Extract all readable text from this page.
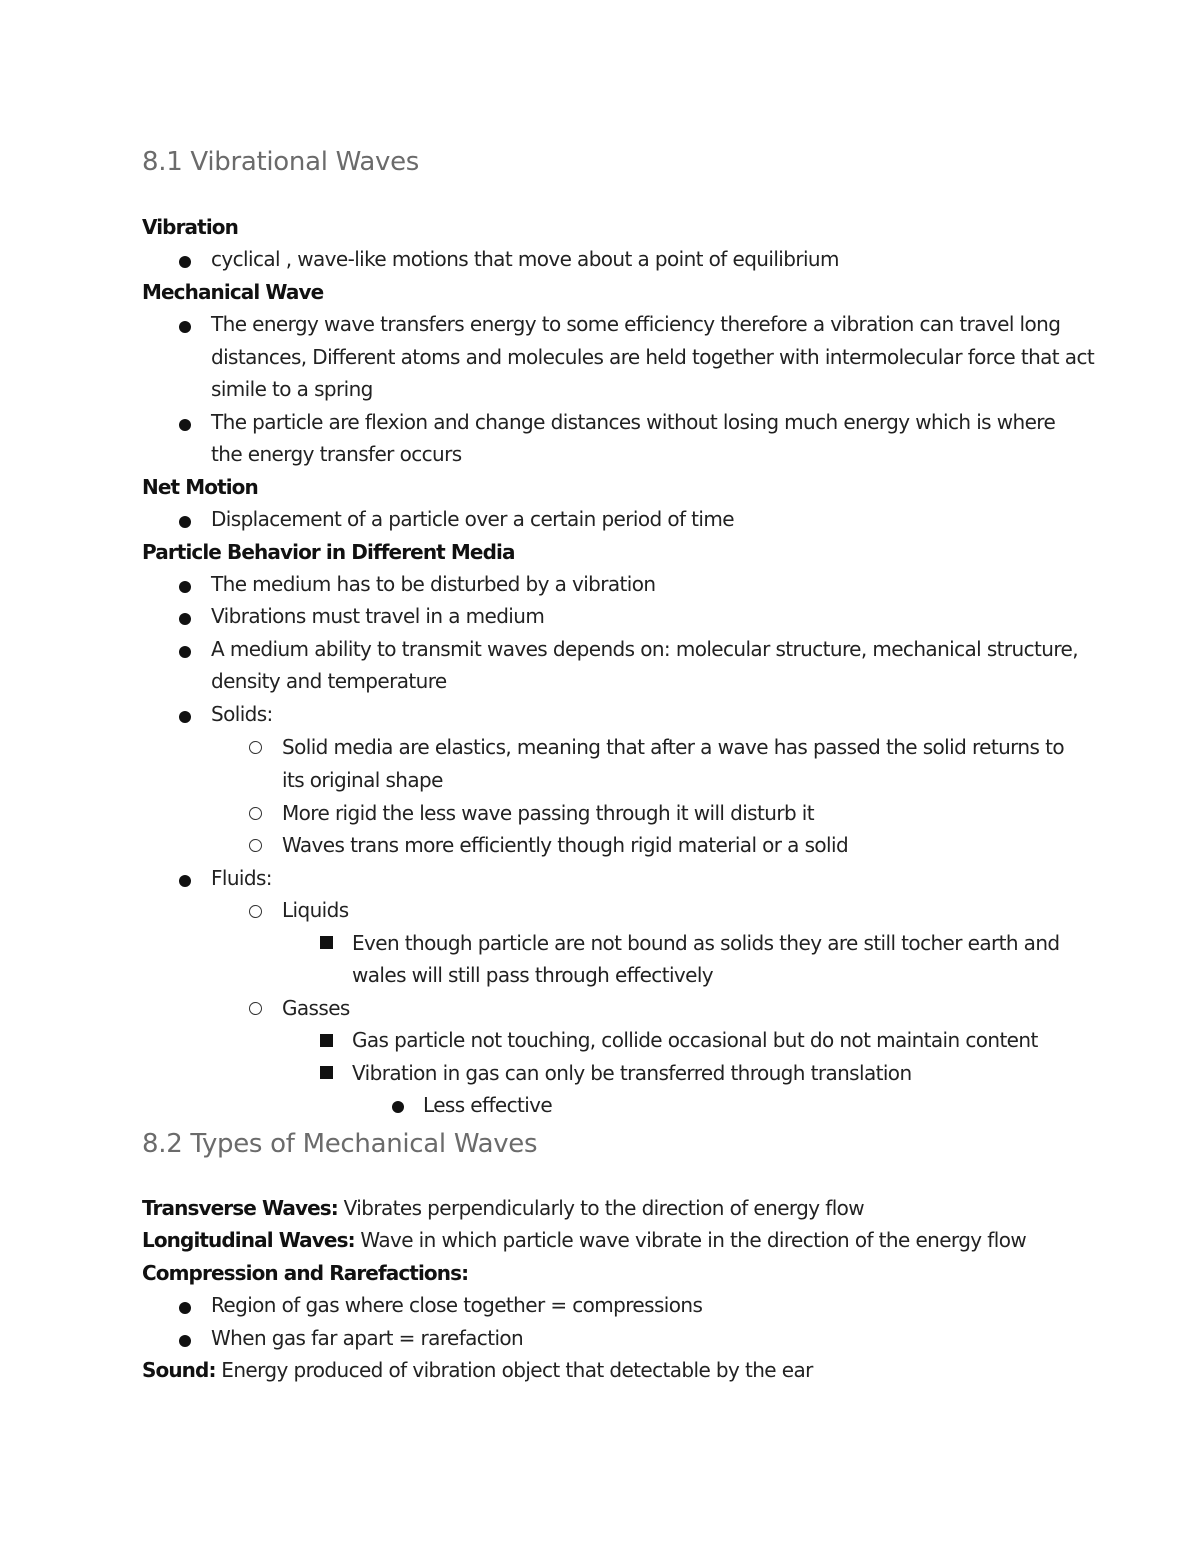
8.1 Vibrational Waves
Vibration
cyclical , wave-like motions that move about a point of equilibrium
Mechanical Wave
The energy wave transfers energy to some efficiency therefore a vibration can travel long
distances, Different atoms and molecules are held together with intermolecular force that act
simile to a spring
The particle are flexion and change distances without losing much energy which is where
the energy transfer occurs
Net Motion
Displacement of a particle over a certain period of time
Particle Behavior in Different Media
The medium has to be disturbed by a vibration
Vibrations must travel in a medium
A medium ability to transmit waves depends on: molecular structure, mechanical structure,
density and temperature
Solids:
Solid media are elastics, meaning that after a wave has passed the solid returns to
its original shape
More rigid the less wave passing through it will disturb it
Waves trans more efficiently though rigid material or a solid
Fluids:
Liquids
Even though particle are not bound as solids they are still tocher earth and
wales will still pass through effectively
Gasses
Gas particle not touching, collide occasional but do not maintain content
Vibration in gas can only be transferred through translation
Less effective
8.2 Types of Mechanical Waves
Transverse Waves: Vibrates perpendicularly to the direction of energy flow
Longitudinal Waves: Wave in which particle wave vibrate in the direction of the energy flow
Compression and Rarefactions:
Region of gas where close together = compressions
When gas far apart = rarefaction
Sound: Energy produced of vibration object that detectable by the ear
